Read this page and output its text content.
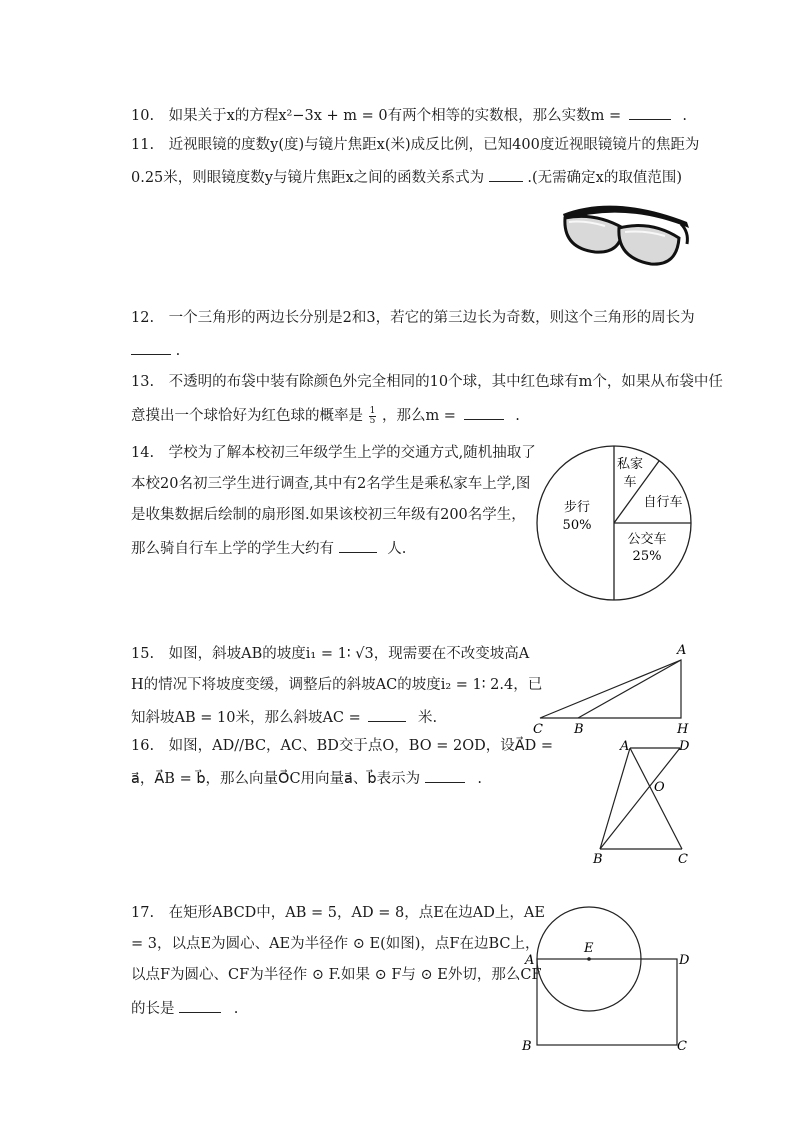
10. 如果关于x的方程x²−3x + m = 0有两个相等的实数根，那么实数m =	.
11. 近视眼镜的度数y(度)与镜片焦距x(米)成反比例，已知400度近视眼镜镜片的焦距为
0.25米，则眼镜度数y与镜片焦距x之间的函数关系式为	.(无需确定x的取值范围)
12. 一个三角形的两边长分别是2和3，若它的第三边长为奇数，则这个三角形的周长为
.
13. 不透明的布袋中装有除颜色外完全相同的10个球，其中红色球有m个，如果从布袋中任
意摸出一个球恰好为红色球的概率是 $\frac{1}{5}$ ，那么m =	.
14. 学校为了解本校初三年级学生上学的交通方式,随机抽取了
本校20名初三学生进行调查,其中有2名学生是乘私家车上学,图
是收集数据后绘制的扇形图.如果该校初三年级有200名学生，
那么骑自行车上学的学生大约有	人.
步行
50%
私家
车
自行车
公交车
25%
15. 如图，斜坡AB的坡度i₁ = 1∶ √3，现需要在不改变坡高A
H的情况下将坡度变缓，调整后的斜坡AC的坡度i₂ = 1∶ 2.4，已
知斜坡AB = 10米，那么斜坡AC =	米.
A
C B	H
16. 如图，AD//BC，AC、BD交于点O，BO = 2OD，设A⃗D =
a⃗，A⃗B = b⃗，那么向量O⃗C用向量a⃗、b⃗表示为	.
A	D
O
B	C
17. 在矩形ABCD中，AB = 5，AD = 8，点E在边AD上，AE
= 3，以点E为圆心、AE为半径作 ⊙ E(如图)，点F在边BC上，
以点F为圆心、CF为半径作 ⊙ F.如果 ⊙ F与 ⊙ E外切，那么CF
的长是	.
E
A	D
B	C
